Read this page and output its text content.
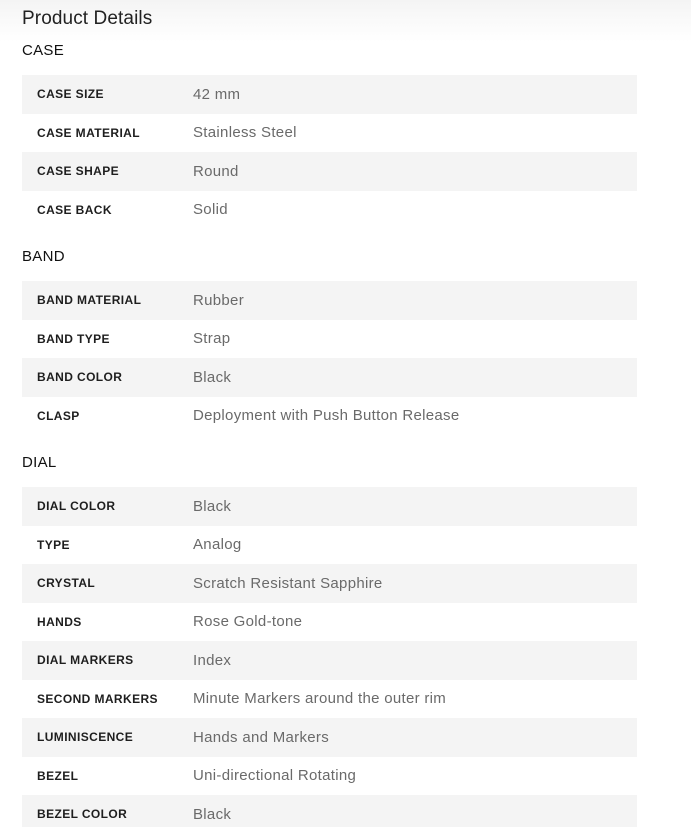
Product Details
CASE
CASE SIZE	42 mm
CASE MATERIAL	Stainless Steel
CASE SHAPE	Round
CASE BACK	Solid
BAND
BAND MATERIAL	Rubber
BAND TYPE	Strap
BAND COLOR	Black
CLASP	Deployment with Push Button Release
DIAL
DIAL COLOR	Black
TYPE	Analog
CRYSTAL	Scratch Resistant Sapphire
HANDS	Rose Gold-tone
DIAL MARKERS	Index
SECOND MARKERS	Minute Markers around the outer rim
LUMINISCENCE	Hands and Markers
BEZEL	Uni-directional Rotating
BEZEL COLOR	Black
